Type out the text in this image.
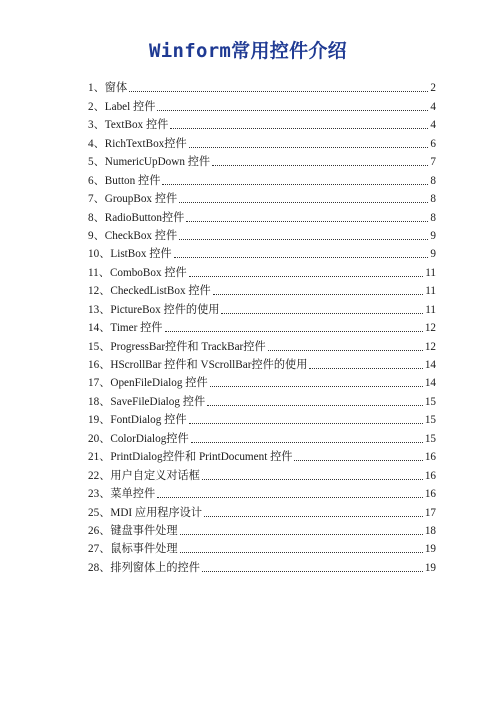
Winform常用控件介绍
1、窗体	2
2、Label 控件	4
3、TextBox 控件	4
4、RichTextBox控件	6
5、NumericUpDown 控件	7
6、Button 控件	8
7、GroupBox 控件	8
8、RadioButton控件	8
9、CheckBox 控件	9
10、ListBox 控件	9
11、ComboBox 控件	11
12、CheckedListBox 控件	11
13、PictureBox 控件的使用	11
14、Timer 控件	12
15、ProgressBar控件和 TrackBar控件	12
16、HScrollBar 控件和 VScrollBar控件的使用	14
17、OpenFileDialog 控件	14
18、SaveFileDialog 控件	15
19、FontDialog 控件	15
20、ColorDialog控件	15
21、PrintDialog控件和 PrintDocument 控件	16
22、用户自定义对话框	16
23、菜单控件	16
25、MDI 应用程序设计	17
26、键盘事件处理	18
27、鼠标事件处理	19
28、排列窗体上的控件	19
